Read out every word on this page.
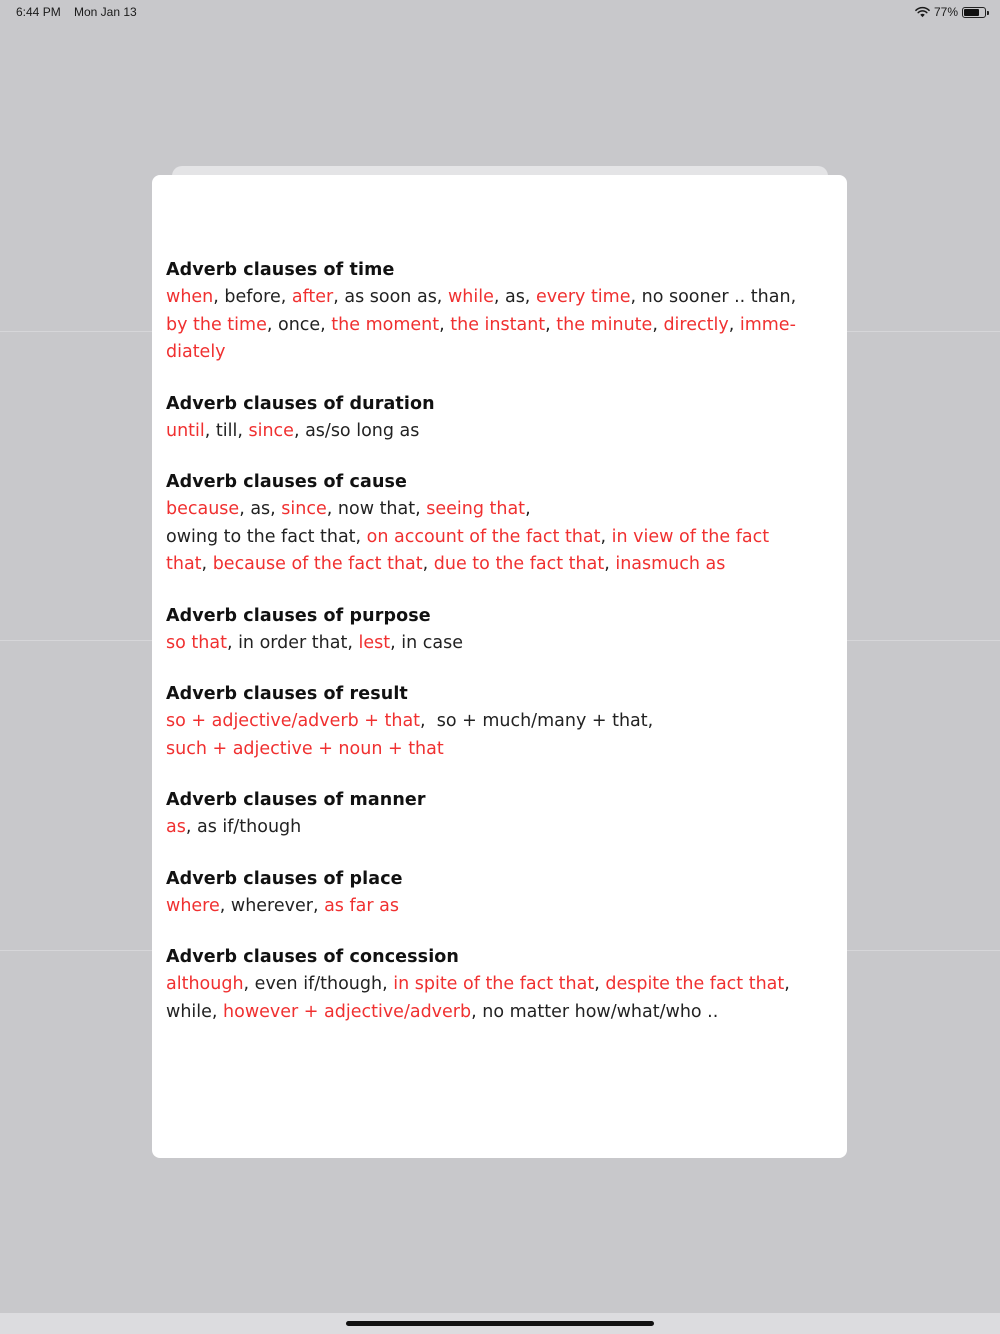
6:44 PM Mon Jan 13	77%
Adverb clauses of time
when, before, after, as soon as, while, as, every time, no sooner .. than,
by the time, once, the moment, the instant, the minute, directly, imme-
diately
Adverb clauses of duration
until, till, since, as/so long as
Adverb clauses of cause
because, as, since, now that, seeing that,
owing to the fact that, on account of the fact that, in view of the fact
that, because of the fact that, due to the fact that, inasmuch as
Adverb clauses of purpose
so that, in order that, lest, in case
Adverb clauses of result
so + adjective/adverb + that,  so + much/many + that,
such + adjective + noun + that
Adverb clauses of manner
as, as if/though
Adverb clauses of place
where, wherever, as far as
Adverb clauses of concession
although, even if/though, in spite of the fact that, despite the fact that,
while, however + adjective/adverb, no matter how/what/who ..
